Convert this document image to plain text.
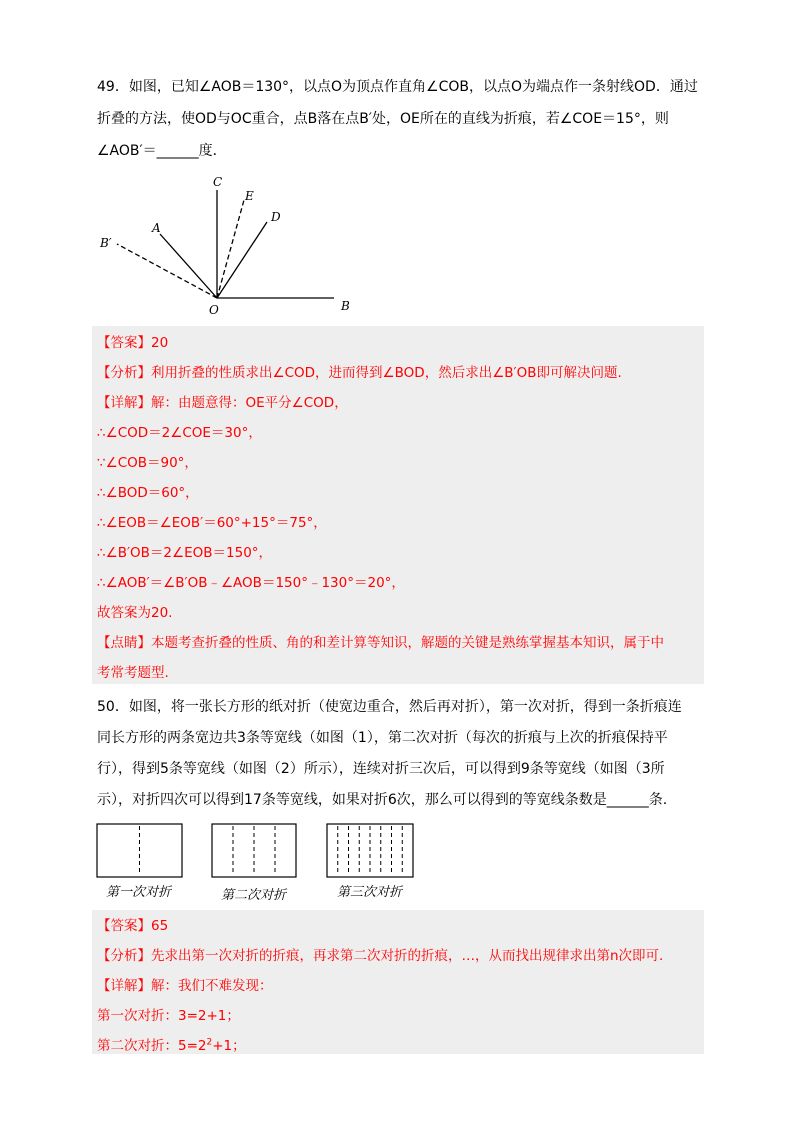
49．如图，已知∠AOB＝130°，以点O为顶点作直角∠COB，以点O为端点作一条射线OD．通过
折叠的方法，使OD与OC重合，点B落在点B′处，OE所在的直线为折痕，若∠COE＝15°，则
∠AOB′＝______度．
C
E
D
A
B′
O	B
【答案】20
【分析】利用折叠的性质求出∠COD，进而得到∠BOD，然后求出∠B′OB即可解决问题.
【详解】解：由题意得：OE平分∠COD，
∴∠COD＝2∠COE＝30°，
∵∠COB＝90°，
∴∠BOD＝60°，
∴∠EOB＝∠EOB′＝60°+15°＝75°，
∴∠B′OB＝2∠EOB＝150°，
∴∠AOB′＝∠B′OB﹣∠AOB＝150°﹣130°＝20°，
故答案为20.
【点睛】本题考查折叠的性质、角的和差计算等知识，解题的关键是熟练掌握基本知识，属于中
考常考题型.
50．如图，将一张长方形的纸对折（使宽边重合，然后再对折），第一次对折，得到一条折痕连
同长方形的两条宽边共3条等宽线（如图（1），第二次对折（每次的折痕与上次的折痕保持平
行），得到5条等宽线（如图（2）所示），连续对折三次后，可以得到9条等宽线（如图（3所
示），对折四次可以得到17条等宽线，如果对折6次，那么可以得到的等宽线条数是______条.
第一次对折	第二次对折	第三次对折
【答案】65
【分析】先求出第一次对折的折痕，再求第二次对折的折痕，…，从而找出规律求出第n次即可.
【详解】解：我们不难发现：
第一次对折：3=2+1；
第二次对折：$5=2^2+1$；
